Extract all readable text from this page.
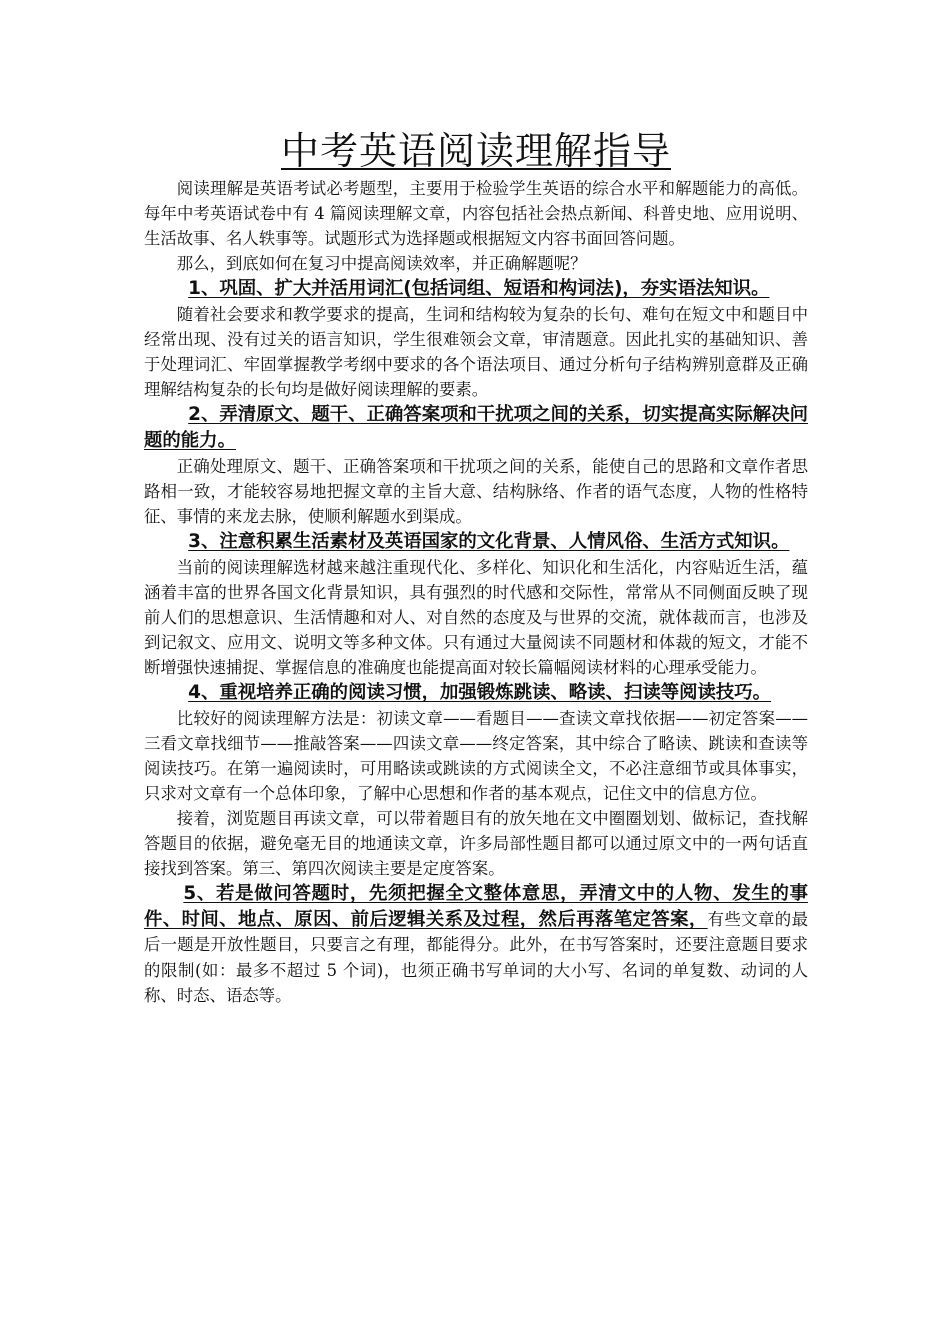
中考英语阅读理解指导

阅读理解是英语考试必考题型，主要用于检验学生英语的综合水平和解题能力的高低。每年中考英语试卷中有 4 篇阅读理解文章，内容包括社会热点新闻、科普史地、应用说明、生活故事、名人轶事等。试题形式为选择题或根据短文内容书面回答问题。

那么，到底如何在复习中提高阅读效率，并正确解题呢？

1、巩固、扩大并活用词汇(包括词组、短语和构词法)，夯实语法知识。

随着社会要求和教学要求的提高，生词和结构较为复杂的长句、难句在短文中和题目中经常出现、没有过关的语言知识，学生很难领会文章，审清题意。因此扎实的基础知识、善于处理词汇、牢固掌握教学考纲中要求的各个语法项目、通过分析句子结构辨别意群及正确理解结构复杂的长句均是做好阅读理解的要素。

2、弄清原文、题干、正确答案项和干扰项之间的关系，切实提高实际解决问题的能力。

正确处理原文、题干、正确答案项和干扰项之间的关系，能使自己的思路和文章作者思路相一致，才能较容易地把握文章的主旨大意、结构脉络、作者的语气态度，人物的性格特征、事情的来龙去脉，使顺利解题水到渠成。

3、注意积累生活素材及英语国家的文化背景、人情风俗、生活方式知识。

当前的阅读理解选材越来越注重现代化、多样化、知识化和生活化，内容贴近生活，蕴涵着丰富的世界各国文化背景知识，具有强烈的时代感和交际性，常常从不同侧面反映了现前人们的思想意识、生活情趣和对人、对自然的态度及与世界的交流，就体裁而言，也涉及到记叙文、应用文、说明文等多种文体。只有通过大量阅读不同题材和体裁的短文，才能不断增强快速捕捉、掌握信息的准确度也能提高面对较长篇幅阅读材料的心理承受能力。

4、重视培养正确的阅读习惯，加强锻炼跳读、略读、扫读等阅读技巧。

比较好的阅读理解方法是：初读文章——看题目——查读文章找依据——初定答案——三看文章找细节——推敲答案——四读文章——终定答案，其中综合了略读、跳读和查读等阅读技巧。在第一遍阅读时，可用略读或跳读的方式阅读全文，不必注意细节或具体事实，只求对文章有一个总体印象，了解中心思想和作者的基本观点，记住文中的信息方位。

接着，浏览题目再读文章，可以带着题目有的放矢地在文中圈圈划划、做标记，查找解答题目的依据，避免毫无目的地通读文章，许多局部性题目都可以通过原文中的一两句话直接找到答案。第三、第四次阅读主要是定度答案。

5、若是做问答题时，先须把握全文整体意思，弄清文中的人物、发生的事件、时间、地点、原因、前后逻辑关系及过程，然后再落笔定答案，有些文章的最后一题是开放性题目，只要言之有理，都能得分。此外，在书写答案时，还要注意题目要求的限制(如：最多不超过 5 个词)，也须正确书写单词的大小写、名词的单复数、动词的人称、时态、语态等。
